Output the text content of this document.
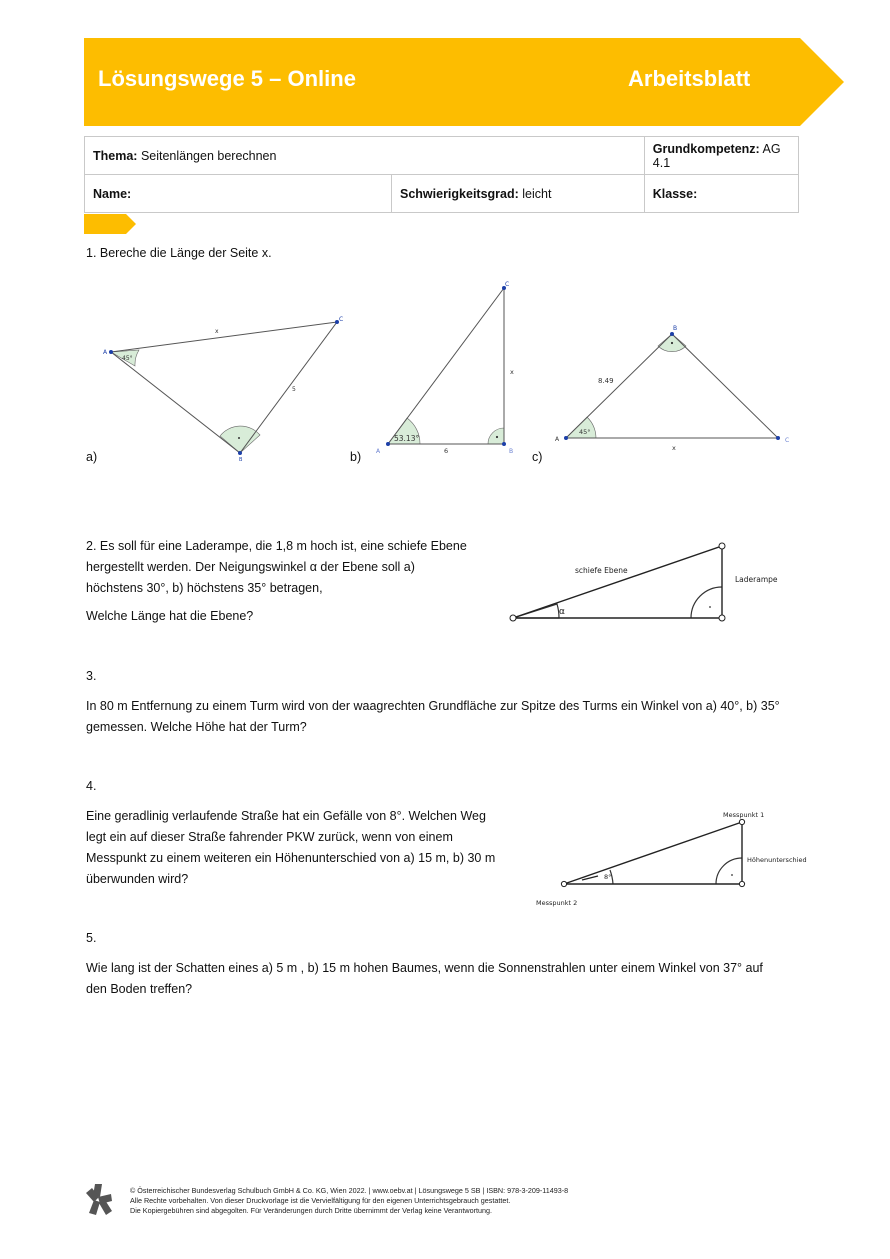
Lösungswege 5 – Online	Arbeitsblatt
Thema: Seitenlängen berechnen		Grundkompetenz: AG 4.1
Name:	Schwierigkeitsgrad: leicht	Klasse:
1. Bereche die Länge der Seite x.
A
C
B
45°
x
5
a)	A	B
C
53.13°
6
x
b)
A
B
C
45°
8.49
x
c)
2. Es soll für eine Laderampe, die 1,8 m hoch ist, eine schiefe Ebene
hergestellt werden. Der Neigungswinkel α der Ebene soll a)
höchstens 30°, b) höchstens 35° betragen,
Welche Länge hat die Ebene?
schiefe Ebene
Laderampe
α
3.
In 80 m Entfernung zu einem Turm wird von der waagrechten Grundfläche zur Spitze des Turms ein Winkel von a) 40°, b) 35°
gemessen. Welche Höhe hat der Turm?
4.
Eine geradlinig verlaufende Straße hat ein Gefälle von 8°. Welchen Weg
legt ein auf dieser Straße fahrender PKW zurück, wenn von einem
Messpunkt zu einem weiteren ein Höhenunterschied von a) 15 m, b) 30 m
überwunden wird?
Messpunkt 1
Messpunkt 2
Höhenunterschied
8°
5.
Wie lang ist der Schatten eines a) 5 m , b) 15 m hohen Baumes, wenn die Sonnenstrahlen unter einem Winkel von 37° auf
den Boden treffen?
© Österreichischer Bundesverlag Schulbuch GmbH & Co. KG, Wien 2022. | www.oebv.at | Lösungswege 5 SB | ISBN: 978-3-209-11493-8
Alle Rechte vorbehalten. Von dieser Druckvorlage ist die Vervielfältigung für den eigenen Unterrichtsgebrauch gestattet.
Die Kopiergebühren sind abgegolten. Für Veränderungen durch Dritte übernimmt der Verlag keine Verantwortung.
